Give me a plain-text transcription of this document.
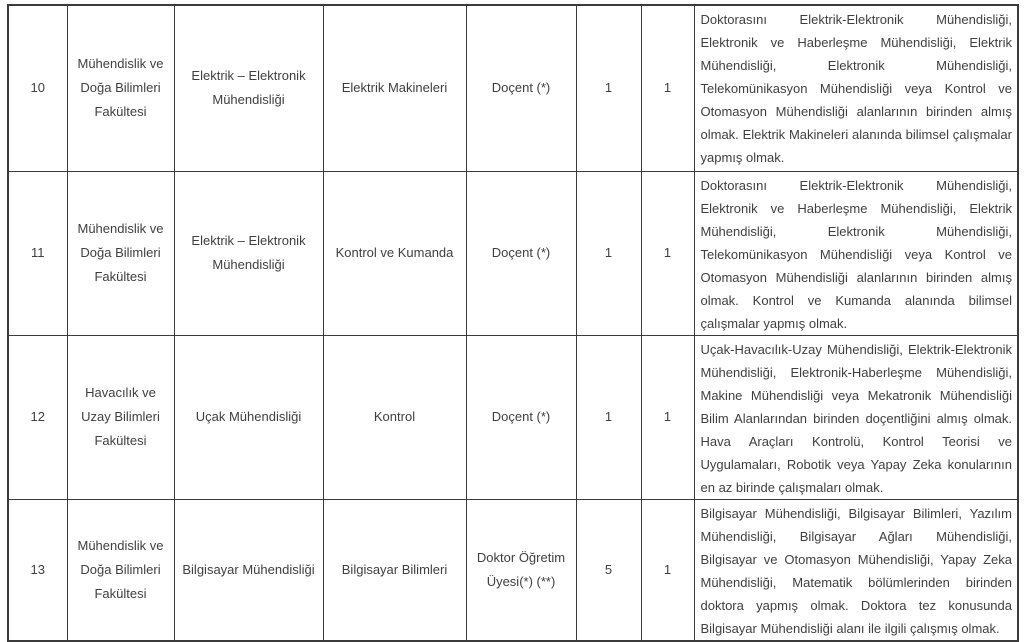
10	Mühendislik ve Doğa Bilimleri Fakültesi	Elektrik – Elektronik Mühendisliği	Elektrik Makineleri	Doçent (*)	1	1	Doktorasını Elektrik-Elektronik Mühendisliği, Elektronik ve Haberleşme Mühendisliği, Elektrik Mühendisliği, Elektronik Mühendisliği, Telekomünikasyon Mühendisliği veya Kontrol ve Otomasyon Mühendisliği alanlarının birinden almış olmak. Elektrik Makineleri alanında bilimsel çalışmalar yapmış olmak.
11	Mühendislik ve Doğa Bilimleri Fakültesi	Elektrik – Elektronik Mühendisliği	Kontrol ve Kumanda	Doçent (*)	1	1	Doktorasını Elektrik-Elektronik Mühendisliği, Elektronik ve Haberleşme Mühendisliği, Elektrik Mühendisliği, Elektronik Mühendisliği, Telekomünikasyon Mühendisliği veya Kontrol ve Otomasyon Mühendisliği alanlarının birinden almış olmak. Kontrol ve Kumanda alanında bilimsel çalışmalar yapmış olmak.
12	Havacılık ve Uzay Bilimleri Fakültesi	Uçak Mühendisliği	Kontrol	Doçent (*)	1	1	Uçak-Havacılık-Uzay Mühendisliği, Elektrik-Elektronik Mühendisliği, Elektronik-Haberleşme Mühendisliği, Makine Mühendisliği veya Mekatronik Mühendisliği Bilim Alanlarından birinden doçentliğini almış olmak. Hava Araçları Kontrolü, Kontrol Teorisi ve Uygulamaları, Robotik veya Yapay Zeka konularının en az birinde çalışmaları olmak.
13	Mühendislik ve Doğa Bilimleri Fakültesi	Bilgisayar Mühendisliği	Bilgisayar Bilimleri	Doktor Öğretim Üyesi(*) (**)	5	1	Bilgisayar Mühendisliği, Bilgisayar Bilimleri, Yazılım Mühendisliği, Bilgisayar Ağları Mühendisliği, Bilgisayar ve Otomasyon Mühendisliği, Yapay Zeka Mühendisliği, Matematik bölümlerinden birinden doktora yapmış olmak. Doktora tez konusunda Bilgisayar Mühendisliği alanı ile ilgili çalışmış olmak.
